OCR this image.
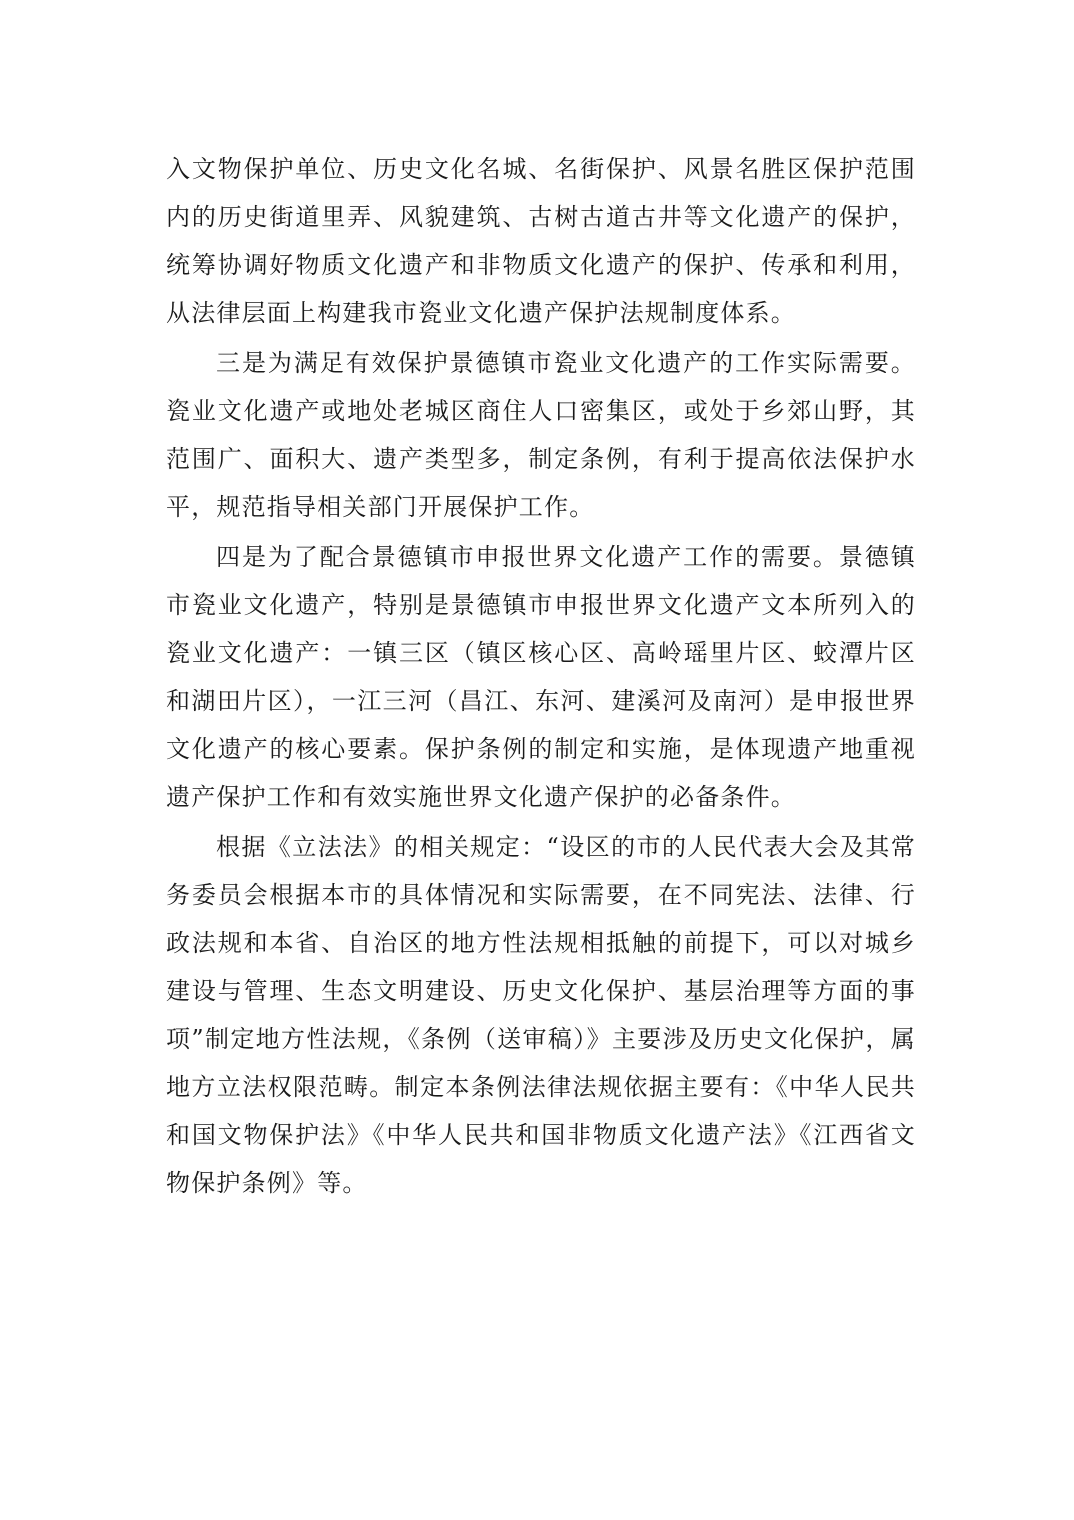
入文物保护单位、历史文化名城、名街保护、风景名胜区保护范围内的历史街道里弄、风貌建筑、古树古道古井等文化遗产的保护，统筹协调好物质文化遗产和非物质文化遗产的保护、传承和利用，从法律层面上构建我市瓷业文化遗产保护法规制度体系。

三是为满足有效保护景德镇市瓷业文化遗产的工作实际需要。瓷业文化遗产或地处老城区商住人口密集区，或处于乡郊山野，其范围广、面积大、遗产类型多，制定条例，有利于提高依法保护水平，规范指导相关部门开展保护工作。

四是为了配合景德镇市申报世界文化遗产工作的需要。景德镇市瓷业文化遗产，特别是景德镇市申报世界文化遗产文本所列入的瓷业文化遗产：一镇三区（镇区核心区、高岭瑶里片区、蛟潭片区和湖田片区），一江三河（昌江、东河、建溪河及南河）是申报世界文化遗产的核心要素。保护条例的制定和实施，是体现遗产地重视遗产保护工作和有效实施世界文化遗产保护的必备条件。

根据《立法法》的相关规定：“设区的市的人民代表大会及其常务委员会根据本市的具体情况和实际需要，在不同宪法、法律、行政法规和本省、自治区的地方性法规相抵触的前提下，可以对城乡建设与管理、生态文明建设、历史文化保护、基层治理等方面的事项”制定地方性法规，《条例（送审稿）》主要涉及历史文化保护，属地方立法权限范畴。制定本条例法律法规依据主要有：《中华人民共和国文物保护法》《中华人民共和国非物质文化遗产法》《江西省文物保护条例》等。
